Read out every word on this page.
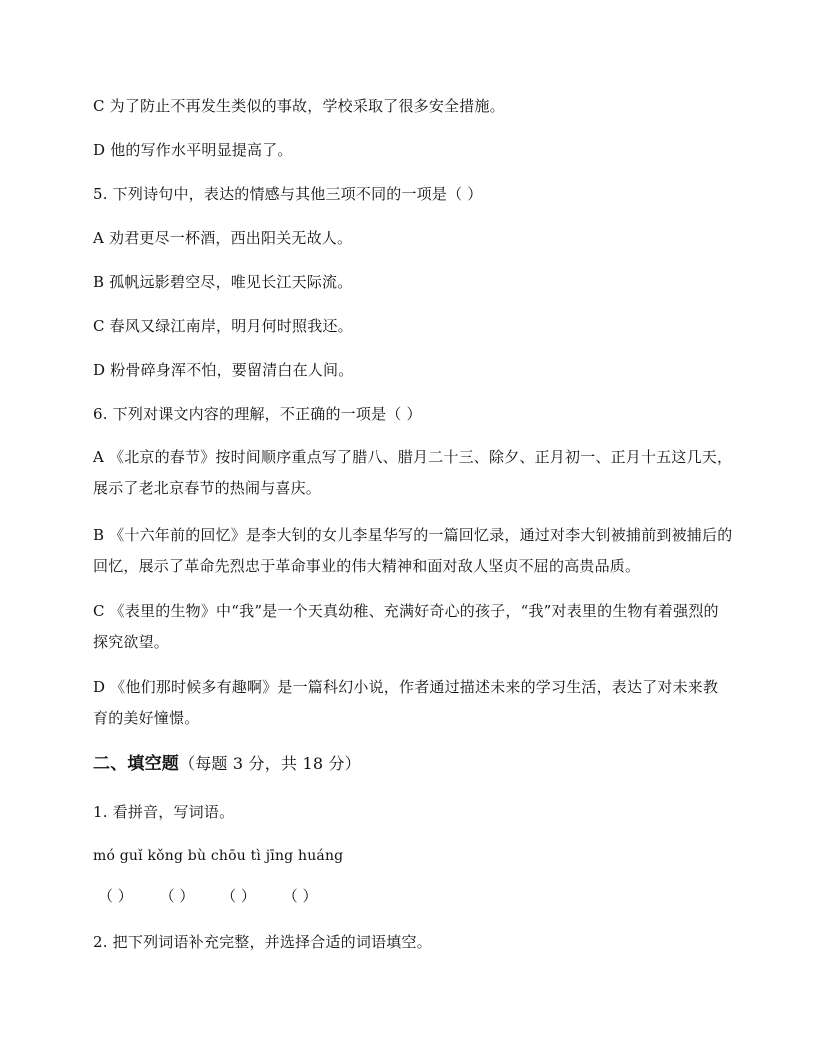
C 为了防止不再发生类似的事故，学校采取了很多安全措施。
D 他的写作水平明显提高了。
5. 下列诗句中，表达的情感与其他三项不同的一项是（ ）
A 劝君更尽一杯酒，西出阳关无故人。
B 孤帆远影碧空尽，唯见长江天际流。
C 春风又绿江南岸，明月何时照我还。
D 粉骨碎身浑不怕，要留清白在人间。
6. 下列对课文内容的理解，不正确的一项是（ ）
A 《北京的春节》按时间顺序重点写了腊八、腊月二十三、除夕、正月初一、正月十五这几天，展示了老北京春节的热闹与喜庆。
B 《十六年前的回忆》是李大钊的女儿李星华写的一篇回忆录，通过对李大钊被捕前到被捕后的回忆，展示了革命先烈忠于革命事业的伟大精神和面对敌人坚贞不屈的高贵品质。
C 《表里的生物》中“我”是一个天真幼稚、充满好奇心的孩子，“我”对表里的生物有着强烈的探究欲望。
D 《他们那时候多有趣啊》是一篇科幻小说，作者通过描述未来的学习生活，表达了对未来教育的美好憧憬。
二、填空题（每题 3 分，共 18 分）
1. 看拼音，写词语。
mó guǐ kǒng bù chōu tì jīng huáng
（ ） （ ） （ ） （ ）
2. 把下列词语补充完整，并选择合适的词语填空。
